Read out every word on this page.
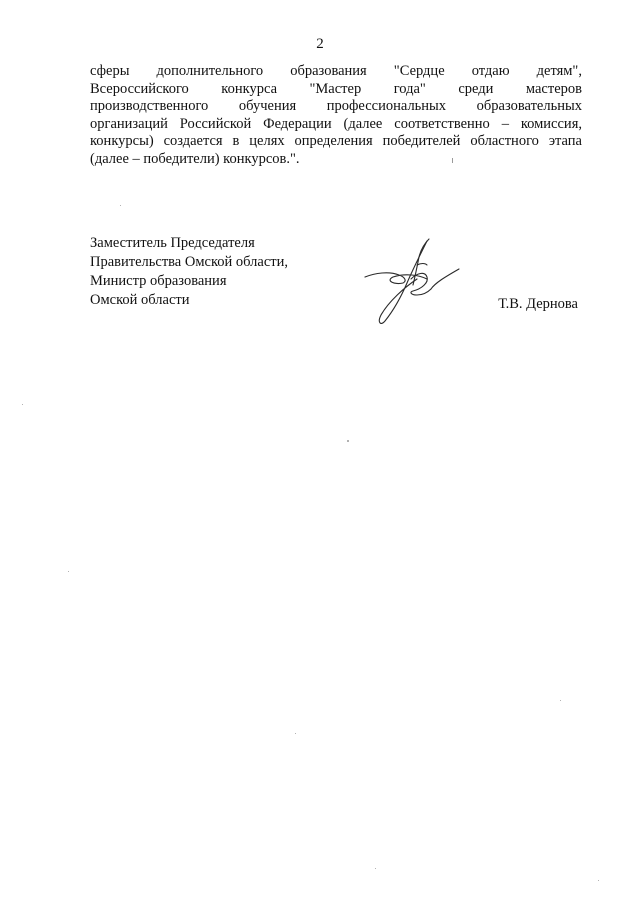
2
сферы дополнительного образования "Сердце отдаю детям",
Всероссийского конкурса "Мастер года" среди мастеров
производственного обучения профессиональных образовательных
организаций Российской Федерации (далее соответственно – комиссия,
конкурсы) создается в целях определения победителей областного этапа
(далее – победители) конкурсов.".
Заместитель Председателя
Правительства Омской области,
Министр образования
Омской области	Т.В. Дернова
